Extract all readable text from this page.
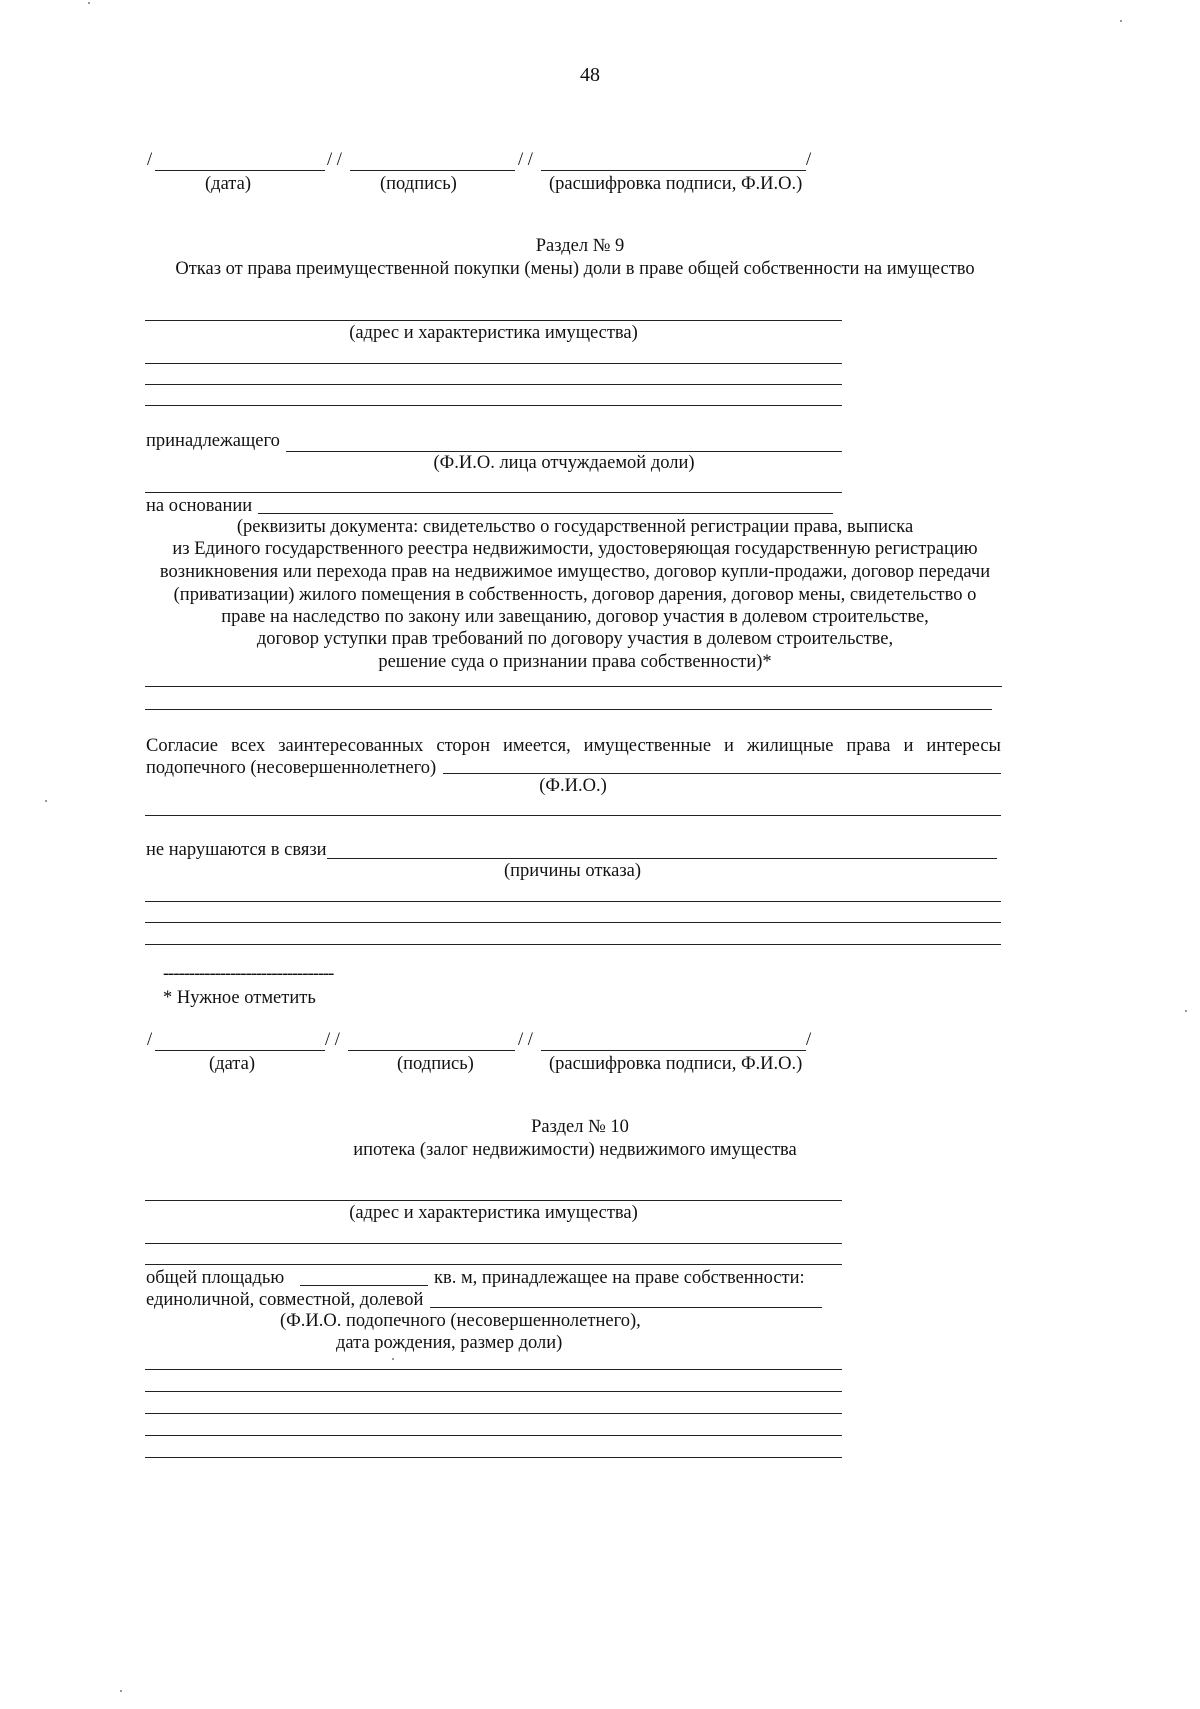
48
/	/ /	/ /	/
(дата)	(подпись)	(расшифровка подписи, Ф.И.О.)
Раздел № 9
Отказ от права преимущественной покупки (мены) доли в праве общей собственности на имущество
(адрес и характеристика имущества)
принадлежащего
(Ф.И.О. лица отчуждаемой доли)
на основании
(реквизиты документа: свидетельство о государственной регистрации права, выписка
из Единого государственного реестра недвижимости, удостоверяющая государственную регистрацию
возникновения или перехода прав на недвижимое имущество, договор купли-продажи, договор передачи
(приватизации) жилого помещения в собственность, договор дарения, договор мены, свидетельство о
праве на наследство по закону или завещанию, договор участия в долевом строительстве,
договор уступки прав требований по договору участия в долевом строительстве,
решение суда о признании права собственности)*
Согласие всех заинтересованных сторон имеется, имущественные и жилищные права и интересы
подопечного (несовершеннолетнего)
(Ф.И.О.)
не нарушаются в связи
(причины отказа)
---------------------------------
* Нужное отметить
/	/ /	/ /	/
(дата)	(подпись)	(расшифровка подписи, Ф.И.О.)
Раздел № 10
ипотека (залог недвижимости) недвижимого имущества
(адрес и характеристика имущества)
общей площадью	кв. м, принадлежащее на праве собственности:
единоличной, совместной, долевой
(Ф.И.О. подопечного (несовершеннолетнего),
дата рождения, размер доли)
